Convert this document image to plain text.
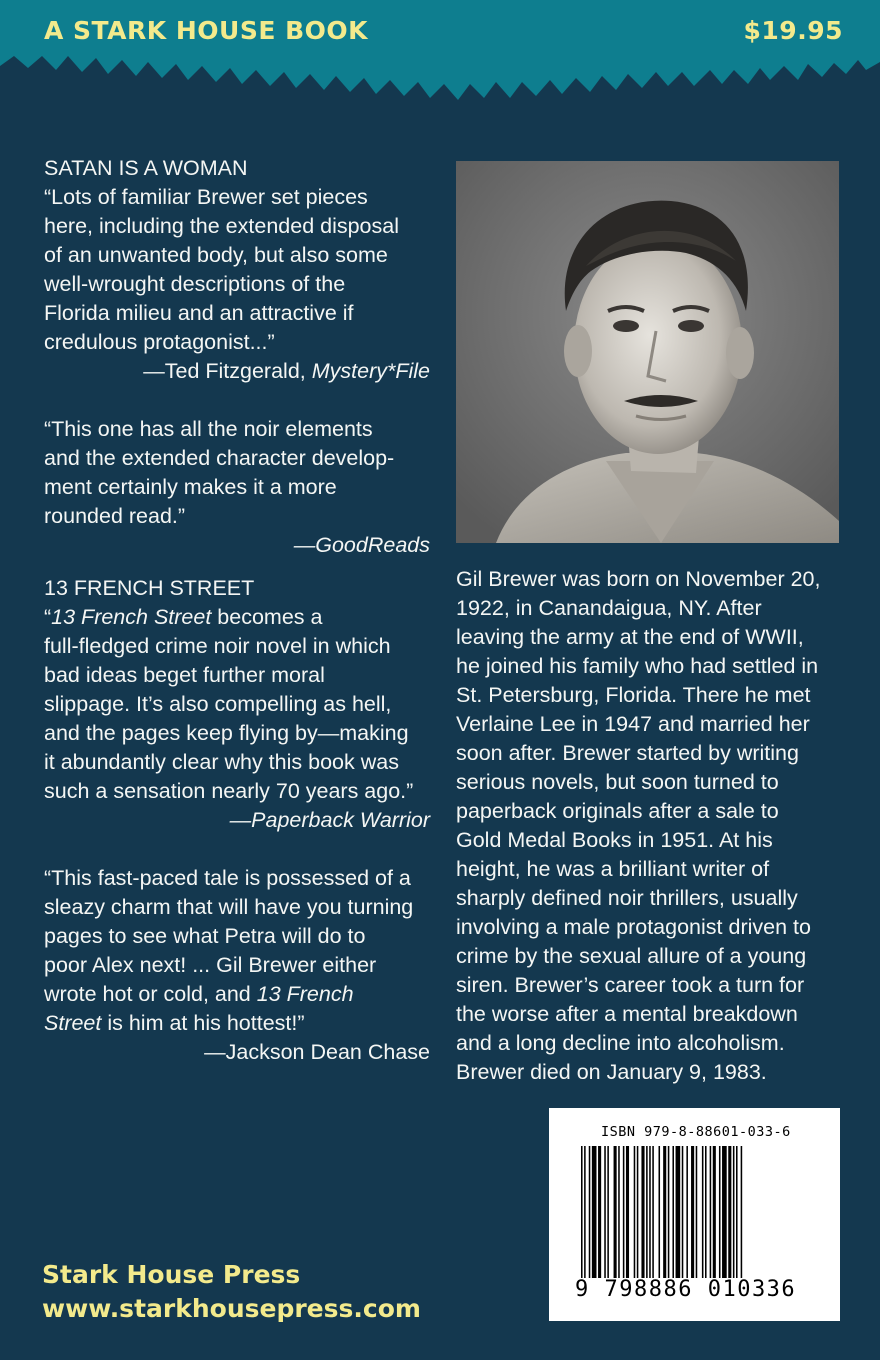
A STARK HOUSE BOOK	$19.95

SATAN IS A WOMAN

“Lots of familiar Brewer set pieces

here, including the extended disposal

of an unwanted body, but also some

well-wrought descriptions of the

Florida milieu and an attractive if

credulous protagonist...”

—Ted Fitzgerald, Mystery*File

“This one has all the noir elements

and the extended character develop-

ment certainly makes it a more

rounded read.”

—GoodReads

13 FRENCH STREET

“13 French Street becomes a

full-fledged crime noir novel in which

bad ideas beget further moral

slippage. It’s also compelling as hell,

and the pages keep flying by—making

it abundantly clear why this book was

such a sensation nearly 70 years ago.”

—Paperback Warrior

“This fast-paced tale is possessed of a

sleazy charm that will have you turning

pages to see what Petra will do to

poor Alex next! ... Gil Brewer either

wrote hot or cold, and 13 French

Street is him at his hottest!”

—Jackson Dean Chase

Gil Brewer was born on November 20,

1922, in Canandaigua, NY. After

leaving the army at the end of WWII,

he joined his family who had settled in

St. Petersburg, Florida. There he met

Verlaine Lee in 1947 and married her

soon after. Brewer started by writing

serious novels, but soon turned to

paperback originals after a sale to

Gold Medal Books in 1951. At his

height, he was a brilliant writer of

sharply defined noir thrillers, usually

involving a male protagonist driven to

crime by the sexual allure of a young

siren. Brewer’s career took a turn for

the worse after a mental breakdown

and a long decline into alcoholism.

Brewer died on January 9, 1983.

ISBN 979-8-88601-033-6
9 798886 010336
Stark House Press
www.starkhousepress.com
